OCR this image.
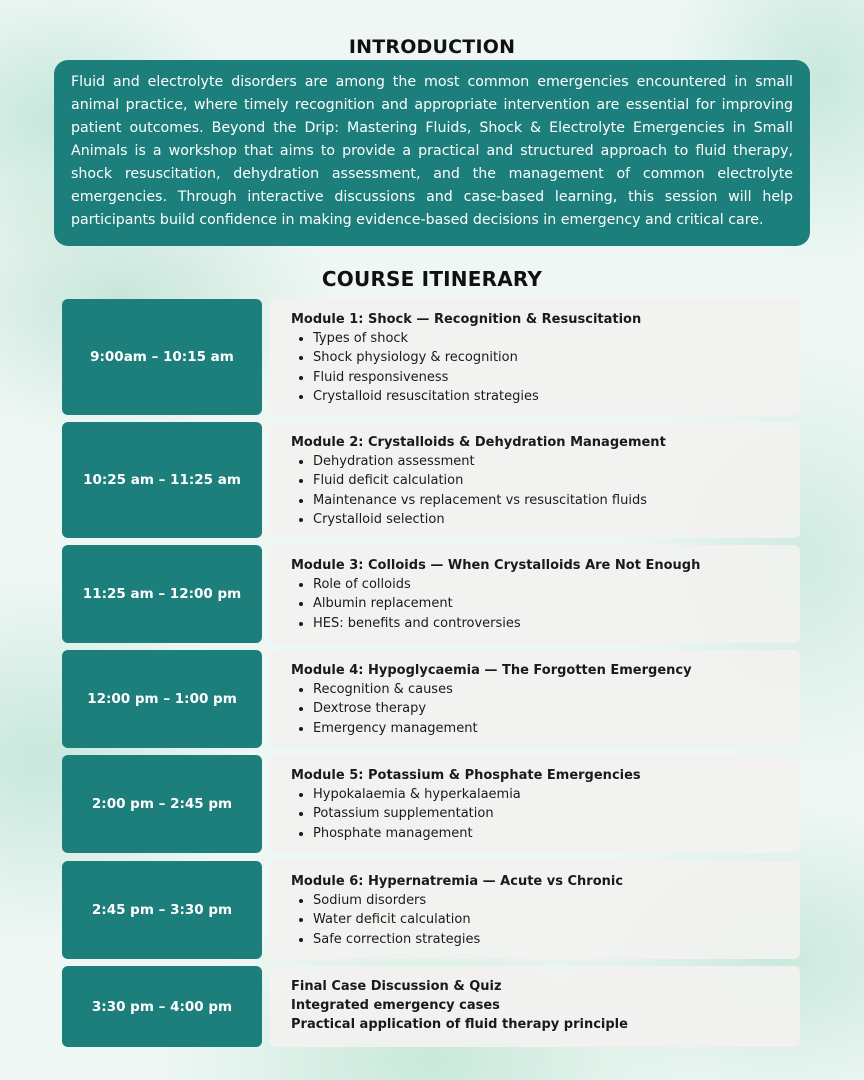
INTRODUCTION
Fluid and electrolyte disorders are among the most common emergencies encountered in small animal practice, where timely recognition and appropriate intervention are essential for improving patient outcomes. Beyond the Drip: Mastering Fluids, Shock & Electrolyte Emergencies in Small Animals is a workshop that aims to provide a practical and structured approach to fluid therapy, shock resuscitation, dehydration assessment, and the management of common electrolyte emergencies. Through interactive discussions and case-based learning, this session will help participants build confidence in making evidence-based decisions in emergency and critical care.
COURSE ITINERARY
9:00am – 10:15 am
Module 1: Shock — Recognition & Resuscitation
• Types of shock
• Shock physiology & recognition
• Fluid responsiveness
• Crystalloid resuscitation strategies
10:25 am – 11:25 am
Module 2: Crystalloids & Dehydration Management
• Dehydration assessment
• Fluid deficit calculation
• Maintenance vs replacement vs resuscitation fluids
• Crystalloid selection
11:25 am – 12:00 pm
Module 3: Colloids — When Crystalloids Are Not Enough
• Role of colloids
• Albumin replacement
• HES: benefits and controversies
12:00 pm – 1:00 pm
Module 4: Hypoglycaemia — The Forgotten Emergency
• Recognition & causes
• Dextrose therapy
• Emergency management
2:00 pm – 2:45 pm
Module 5: Potassium & Phosphate Emergencies
• Hypokalaemia & hyperkalaemia
• Potassium supplementation
• Phosphate management
2:45 pm – 3:30 pm
Module 6: Hypernatremia — Acute vs Chronic
• Sodium disorders
• Water deficit calculation
• Safe correction strategies
3:30 pm – 4:00 pm
Final Case Discussion & Quiz
Integrated emergency cases
Practical application of fluid therapy principle
